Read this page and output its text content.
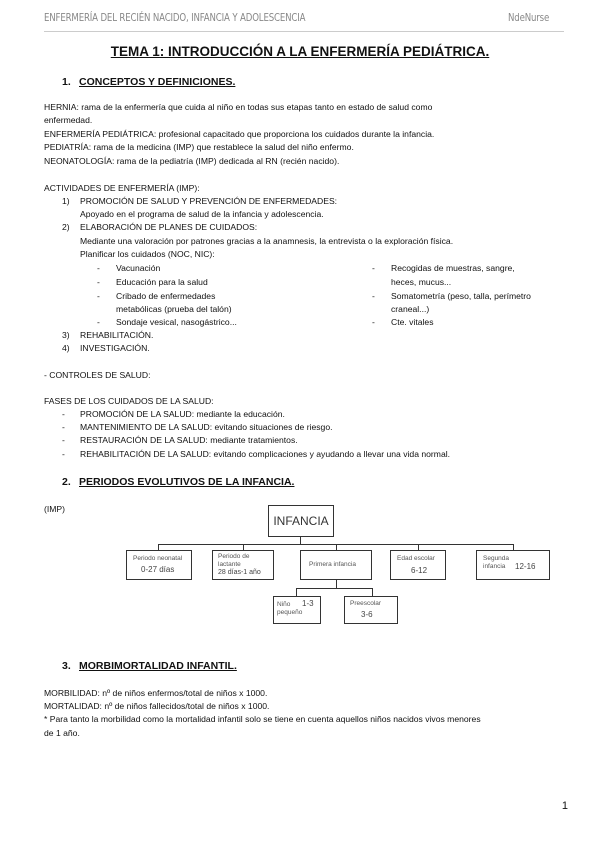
ENFERMERÍA DEL RECIÉN NACIDO, INFANCIA Y ADOLESCENCIA	NdeNurse
TEMA 1: INTRODUCCIÓN A LA ENFERMERÍA PEDIÁTRICA.
1. CONCEPTOS Y DEFINICIONES.
HERNIA: rama de la enfermería que cuida al niño en todas sus etapas tanto en estado de salud como
enfermedad.
ENFERMERÍA PEDIÁTRICA: profesional capacitado que proporciona los cuidados durante la infancia.
PEDIATRÍA: rama de la medicina (IMP) que restablece la salud del niño enfermo.
NEONATOLOGÍA: rama de la pediatría (IMP) dedicada al RN (recién nacido).
ACTIVIDADES DE ENFERMERÍA (IMP):
1) PROMOCIÓN DE SALUD Y PREVENCIÓN DE ENFERMEDADES:
Apoyado en el programa de salud de la infancia y adolescencia.
2) ELABORACIÓN DE PLANES DE CUIDADOS:
Mediante una valoración por patrones gracias a la anamnesis, la entrevista o la exploración física.
Planificar los cuidados (NOC, NIC):
- Vacunación
- Educación para la salud
- Cribado de enfermedades
metabólicas (prueba del talón)
- Sondaje vesical, nasogástrico...
- Recogidas de muestras, sangre,
heces, mucus...
- Somatometría (peso, talla, perímetro
craneal...)
- Cte. vitales
3) REHABILITACIÓN.
4) INVESTIGACIÓN.
- CONTROLES DE SALUD:
FASES DE LOS CUIDADOS DE LA SALUD:
- PROMOCIÓN DE LA SALUD: mediante la educación.
- MANTENIMIENTO DE LA SALUD: evitando situaciones de riesgo.
- RESTAURACIÓN DE LA SALUD: mediante tratamientos.
- REHABILITACIÓN DE LA SALUD: evitando complicaciones y ayudando a llevar una vida normal.
2. PERIODOS EVOLUTIVOS DE LA INFANCIA.
(IMP)
INFANCIA
Periodo neonatal
0-27 días
Periodo de lactante
28 días-1 año
Primera infancia
Edad escolar
6-12
Segunda infancia	12-16
Niño pequeño
1-3	Preescolar
3-6
3. MORBIMORTALIDAD INFANTIL.
MORBILIDAD: nº de niños enfermos/total de niños x 1000.
MORTALIDAD: nº de niños fallecidos/total de niños x 1000.
* Para tanto la morbilidad como la mortalidad infantil solo se tiene en cuenta aquellos niños nacidos vivos menores
de 1 año.
1
